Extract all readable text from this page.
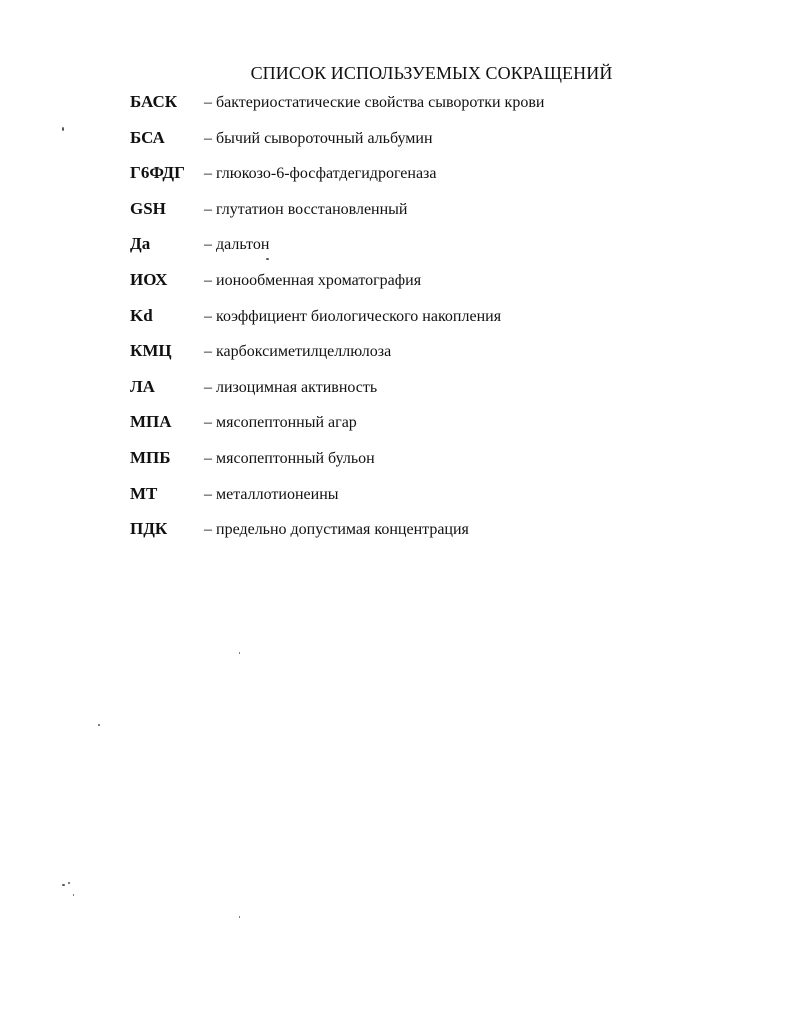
СПИСОК ИСПОЛЬЗУЕМЫХ СОКРАЩЕНИЙ
БАСК	– бактериостатические свойства сыворотки крови
БСА	– бычий сывороточный альбумин
Г6ФДГ	– глюкозо-6-фосфатдегидрогеназа
GSH	– глутатион восстановленный
Да	– дальтон
ИОХ	– ионообменная хроматография
Kd	– коэффициент биологического накопления
КМЦ	– карбоксиметилцеллюлоза
ЛА	– лизоцимная активность
МПА	– мясопептонный агар
МПБ	– мясопептонный бульон
МТ	– металлотионеины
ПДК	– предельно допустимая концентрация
